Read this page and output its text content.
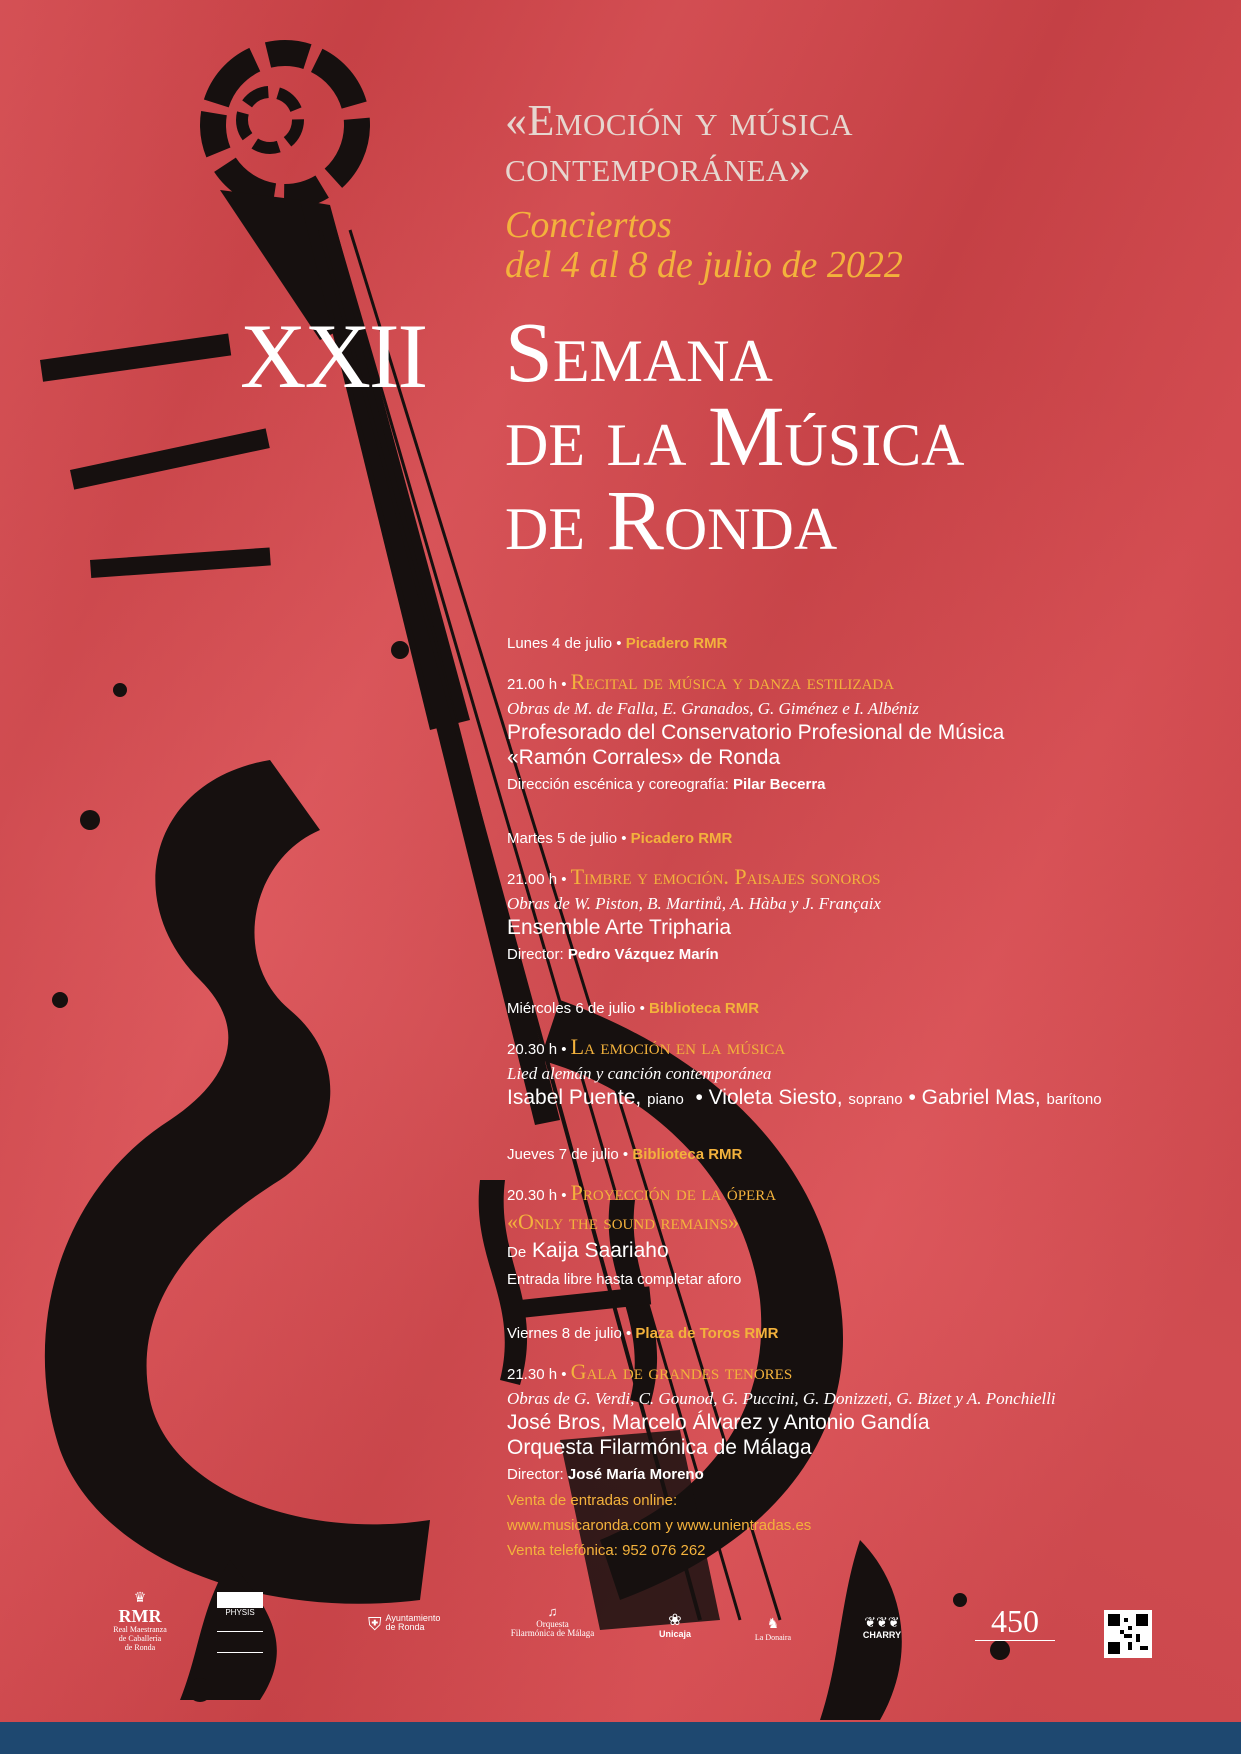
«Emoción y música
contemporánea»
Conciertos
del 4 al 8 de julio de 2022
XXII Semana
de la Música
de Ronda
Lunes 4 de julio • Picadero RMR
21.00 h • Recital de música y danza estilizada
Obras de M. de Falla, E. Granados, G. Giménez e I. Albéniz
Profesorado del Conservatorio Profesional de Música
«Ramón Corrales» de Ronda
Dirección escénica y coreografía: Pilar Becerra
Martes 5 de julio • Picadero RMR
21.00 h • Timbre y emoción. Paisajes sonoros
Obras de W. Piston, B. Martinů, A. Hàba y J. Françaix
Ensemble Arte Tripharia
Director: Pedro Vázquez Marín
Miércoles 6 de julio • Biblioteca RMR
20.30 h • La emoción en la música
Lied alemán y canción contemporánea
Isabel Puente, piano  • Violeta Siesto, soprano • Gabriel Mas, barítono
Jueves 7 de julio • Biblioteca RMR
20.30 h • Proyección de la ópera
«Only the sound remains»
De Kaija Saariaho
Entrada libre hasta completar aforo
Viernes 8 de julio • Plaza de Toros RMR
21.30 h • Gala de grandes tenores
Obras de G. Verdi, C. Gounod, G. Puccini, G. Donizzeti, G. Bizet y A. Ponchielli
José Bros, Marcelo Álvarez y Antonio Gandía
Orquesta Filarmónica de Málaga
Director: José María Moreno
Venta de entradas online:
www.musicaronda.com y www.unientradas.es
Venta telefónica: 952 076 262
♛
RMR
Real Maestranza
de Caballería
de Ronda
PHYSIS
⛨ Ayuntamiento
de Ronda
♫
Orquesta
Filarmónica de Málaga
❀
Unicaja
♞
La Donaira
❦❦❦
CHARRY	450
